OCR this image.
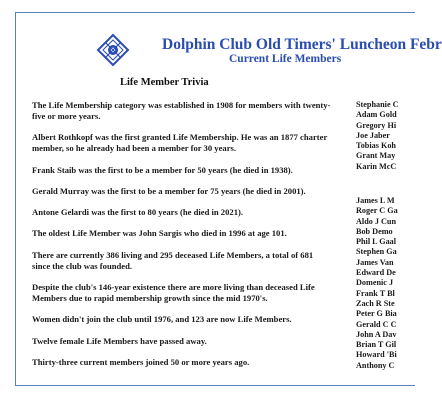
Dolphin Club Old Timers' Luncheon Febr
Current Life Members
Life Member Trivia
The Life Membership category was established in 1908 for members with twenty-five or more years.
Albert Rothkopf was the first granted Life Membership. He was an 1877 charter member, so he already had been a member for 30 years.
Frank Staib was the first to be a member for 50 years (he died in 1938).
Gerald Murray was the first to be a member for 75 years (he died in 2001).
Antone Gelardi was the first to 80 years (he died in 2021).
The oldest Life Member was John Sargis who died in 1996 at age 101.
There are currently 386 living and 295 deceased Life Members, a total of 681 since the club was founded.
Despite the club's 146-year existence there are more living than deceased Life Members due to rapid membership growth since the mid 1970's.
Women didn't join the club until 1976, and 123 are now Life Members.
Twelve female Life Members have passed away.
Thirty-three current members joined 50 or more years ago.
Stephanie C
Adam Gold
Gregory Hi
Joe Jaber
Tobias Koh
Grant May
Karin McC
James L M
Roger C Ga
Aldo J Cun
Bob Demo
Phil L Gaal
Stephen Ga
James Van
Edward De
Domenic J
Frank T Bl
Zach R Ste
Peter G Bia
Gerald C C
John A Dav
Brian T Gil
Howard 'Bi
Anthony C
